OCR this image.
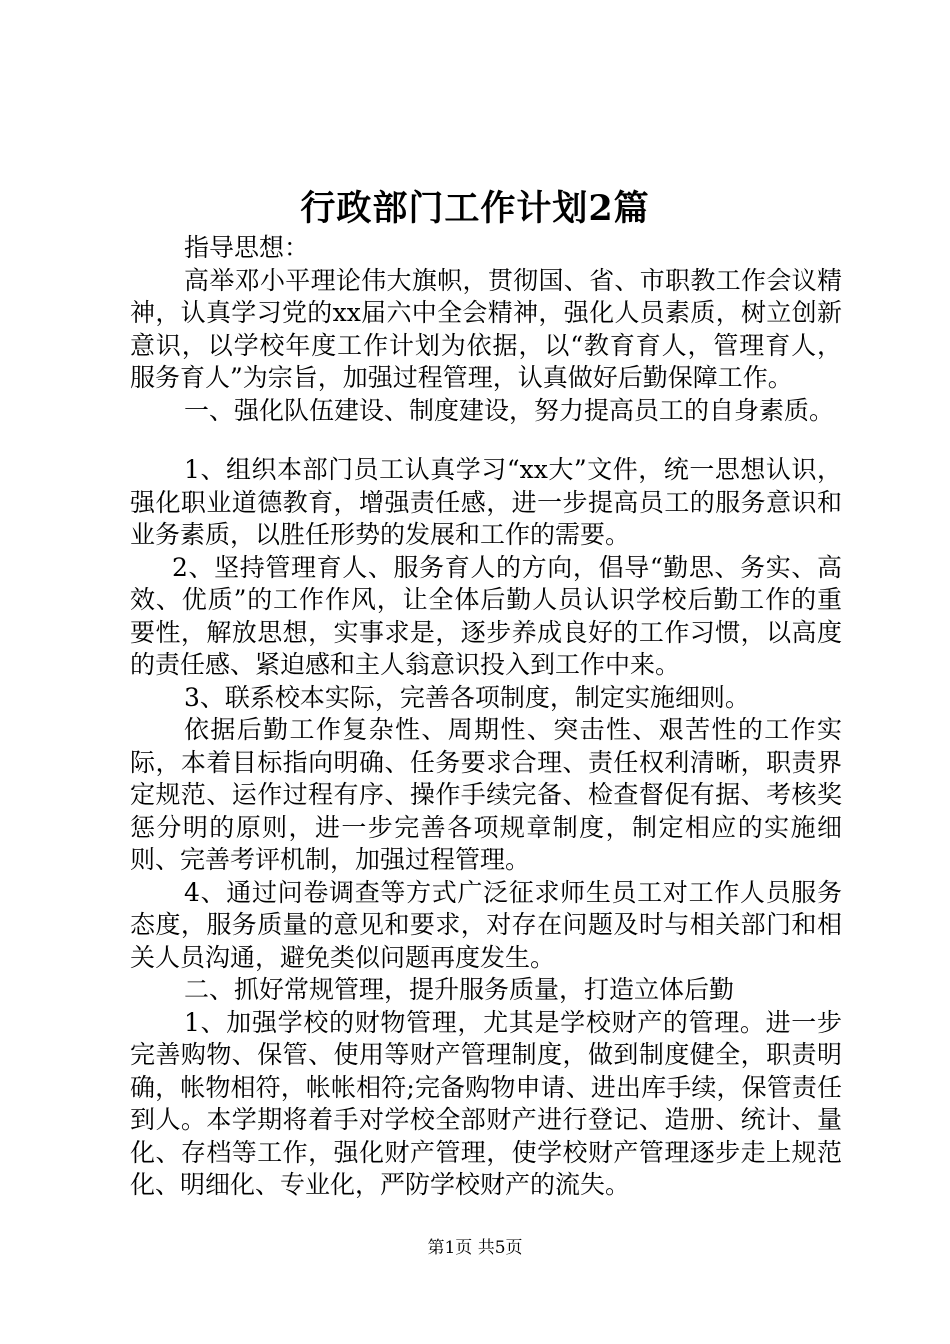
行政部门工作计划2篇

指导思想：

高举邓小平理论伟大旗帜，贯彻国、省、市职教工作会议精神，认真学习党的xx届六中全会精神，强化人员素质，树立创新意识，以学校年度工作计划为依据，以“教育育人，管理育人，服务育人”为宗旨，加强过程管理，认真做好后勤保障工作。

一、强化队伍建设、制度建设，努力提高员工的自身素质。

1、组织本部门员工认真学习“xx大”文件，统一思想认识，强化职业道德教育，增强责任感，进一步提高员工的服务意识和业务素质，以胜任形势的发展和工作的需要。

2、坚持管理育人、服务育人的方向，倡导“勤思、务实、高效、优质”的工作作风，让全体后勤人员认识学校后勤工作的重要性，解放思想，实事求是，逐步养成良好的工作习惯，以高度的责任感、紧迫感和主人翁意识投入到工作中来。

3、联系校本实际，完善各项制度，制定实施细则。

依据后勤工作复杂性、周期性、突击性、艰苦性的工作实际，本着目标指向明确、任务要求合理、责任权利清晰，职责界定规范、运作过程有序、操作手续完备、检查督促有据、考核奖惩分明的原则，进一步完善各项规章制度，制定相应的实施细则、完善考评机制，加强过程管理。

4、通过问卷调查等方式广泛征求师生员工对工作人员服务态度，服务质量的意见和要求，对存在问题及时与相关部门和相关人员沟通，避免类似问题再度发生。

二、抓好常规管理，提升服务质量，打造立体后勤

1、加强学校的财物管理，尤其是学校财产的管理。进一步完善购物、保管、使用等财产管理制度，做到制度健全，职责明确，帐物相符，帐帐相符;完备购物申请、进出库手续，保管责任到人。本学期将着手对学校全部财产进行登记、造册、统计、量化、存档等工作，强化财产管理，使学校财产管理逐步走上规范化、明细化、专业化，严防学校财产的流失。

第1页 共5页
